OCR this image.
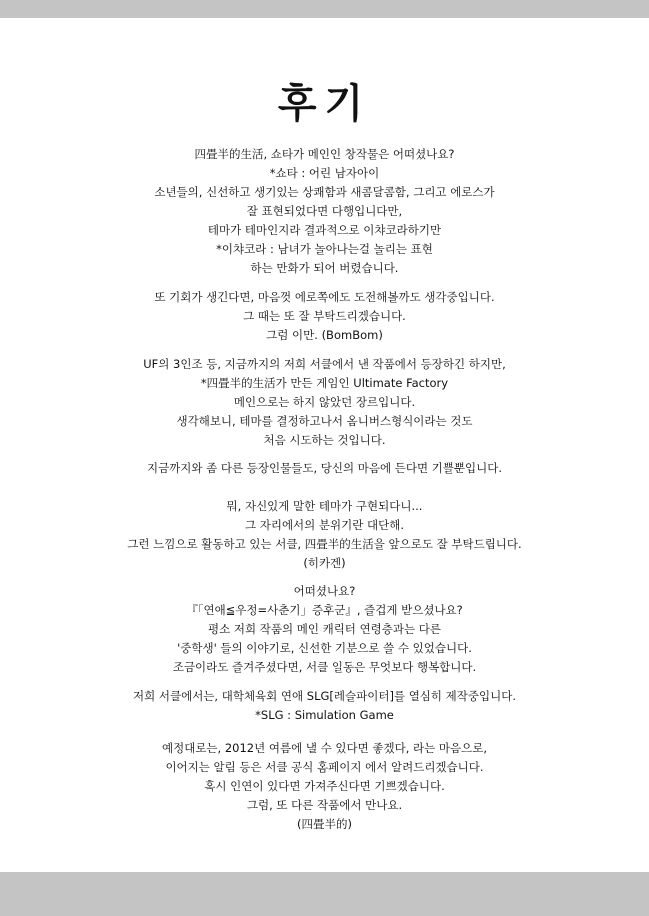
후기
四畳半的生活, 쇼타가 메인인 창작물은 어떠셨나요?
*쇼타 : 어린 남자아이
소년들의, 신선하고 생기있는 상쾌함과 새콤달콤함, 그리고 에로스가
잘 표현되었다면 다행입니다만,
테마가 테마인지라 결과적으로 이챠코라하기만
*이챠코라 : 남녀가 놀아나는걸 놀리는 표현
하는 만화가 되어 버렸습니다.
또 기회가 생긴다면, 마음껏 에로쪽에도 도전해볼까도 생각중입니다.
그 때는 또 잘 부탁드리겠습니다.
그럼 이만. (BomBom)
UF의 3인조 등, 지금까지의 저희 서클에서 낸 작품에서 등장하긴 하지만,
*四畳半的生活가 만든 게임인 Ultimate Factory
메인으로는 하지 않았던 장르입니다.
생각해보니, 테마를 결정하고나서 옴니버스형식이라는 것도
처음 시도하는 것입니다.
지금까지와 좀 다른 등장인물들도, 당신의 마음에 든다면 기쁠뿐입니다.
뭐, 자신있게 말한 테마가 구현되다니...
그 자리에서의 분위기란 대단해.
그런 느낌으로 활동하고 있는 서클, 四畳半的生活을 앞으로도 잘 부탁드립니다.
(히카겐)
어떠셨나요?
『「연애≦우정=사춘기」증후군』, 즐겁게 받으셨나요?
평소 저희 작품의 메인 캐릭터 연령층과는 다른
'중학생' 들의 이야기로, 신선한 기분으로 쓸 수 있었습니다.
조금이라도 즐겨주셨다면, 서클 일동은 무엇보다 행복합니다.
저희 서클에서는, 대학체육회 연애 SLG[레슬파이터]를 열심히 제작중입니다.
*SLG : Simulation Game
예정대로는, 2012년 여름에 낼 수 있다면 좋겠다, 라는 마음으로,
이어지는 알림 등은 서클 공식 홈페이지 에서 알려드리겠습니다.
혹시 인연이 있다면 가져주신다면 기쁘겠습니다.
그럼, 또 다른 작품에서 만나요.
(四畳半的)
